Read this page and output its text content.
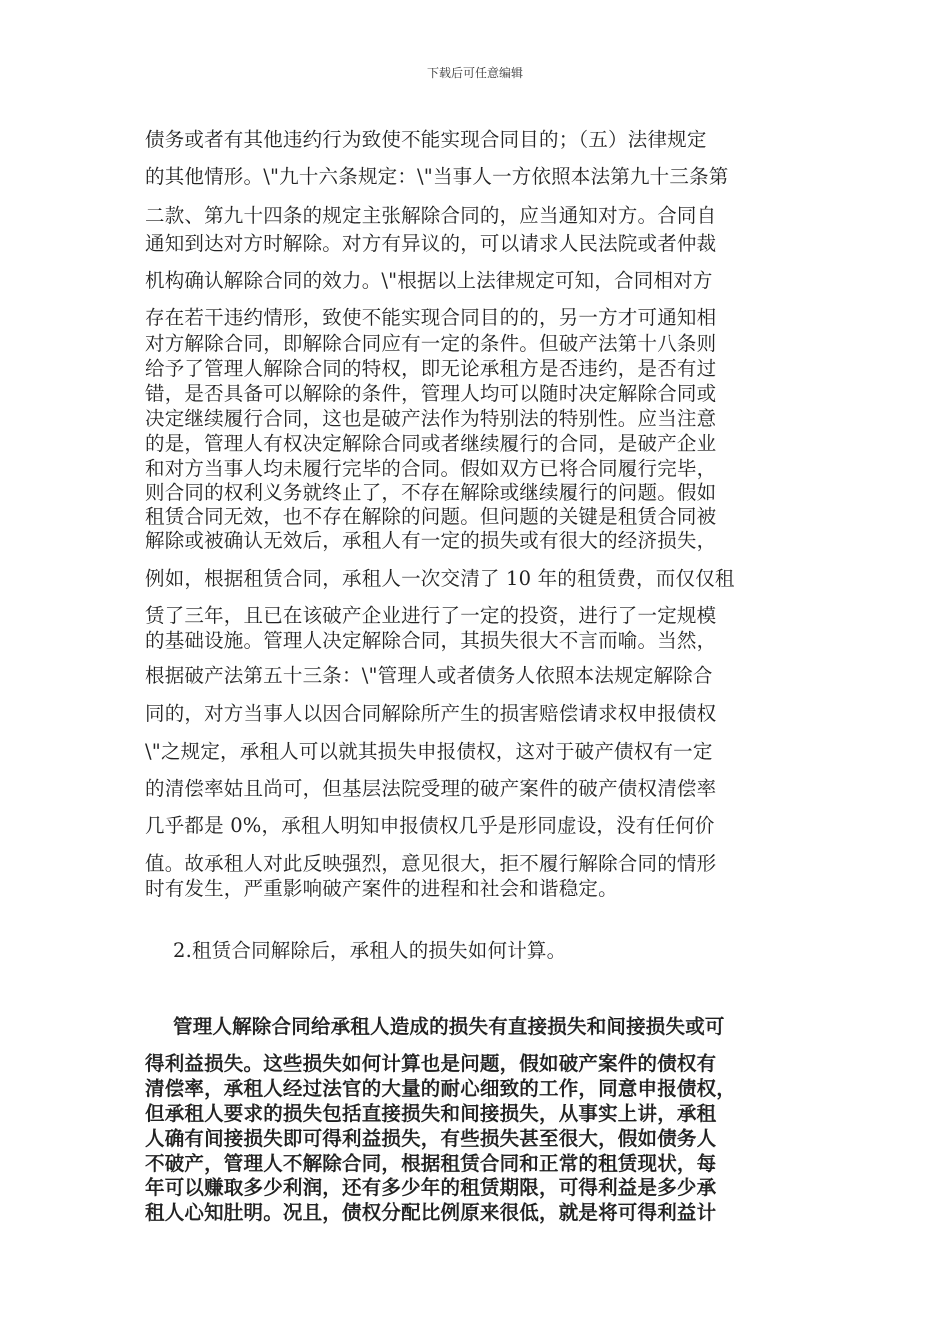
下载后可任意编辑
债务或者有其他违约行为致使不能实现合同目的；（五）法律规定
的其他情形。\"九十六条规定：\"当事人一方依照本法第九十三条第
二款、第九十四条的规定主张解除合同的，应当通知对方。合同自
通知到达对方时解除。对方有异议的，可以请求人民法院或者仲裁
机构确认解除合同的效力。\"根据以上法律规定可知，合同相对方
存在若干违约情形，致使不能实现合同目的的，另一方才可通知相
对方解除合同，即解除合同应有一定的条件。但破产法第十八条则
给予了管理人解除合同的特权，即无论承租方是否违约，是否有过
错，是否具备可以解除的条件，管理人均可以随时决定解除合同或
决定继续履行合同，这也是破产法作为特别法的特别性。应当注意
的是，管理人有权决定解除合同或者继续履行的合同，是破产企业
和对方当事人均未履行完毕的合同。假如双方已将合同履行完毕，
则合同的权利义务就终止了，不存在解除或继续履行的问题。假如
租赁合同无效，也不存在解除的问题。但问题的关键是租赁合同被
解除或被确认无效后，承租人有一定的损失或有很大的经济损失，
例如，根据租赁合同，承租人一次交清了 10 年的租赁费，而仅仅租
赁了三年，且已在该破产企业进行了一定的投资，进行了一定规模
的基础设施。管理人决定解除合同，其损失很大不言而喻。当然，
根据破产法第五十三条：\"管理人或者债务人依照本法规定解除合
同的，对方当事人以因合同解除所产生的损害赔偿请求权申报债权
\"之规定，承租人可以就其损失申报债权，这对于破产债权有一定
的清偿率姑且尚可，但基层法院受理的破产案件的破产债权清偿率
几乎都是 0%，承租人明知申报债权几乎是形同虚设，没有任何价
值。故承租人对此反映强烈，意见很大，拒不履行解除合同的情形
时有发生，严重影响破产案件的进程和社会和谐稳定。
2.租赁合同解除后，承租人的损失如何计算。
管理人解除合同给承租人造成的损失有直接损失和间接损失或可
得利益损失。这些损失如何计算也是问题，假如破产案件的债权有
清偿率，承租人经过法官的大量的耐心细致的工作，同意申报债权，
但承租人要求的损失包括直接损失和间接损失，从事实上讲，承租
人确有间接损失即可得利益损失，有些损失甚至很大，假如债务人
不破产，管理人不解除合同，根据租赁合同和正常的租赁现状，每
年可以赚取多少利润，还有多少年的租赁期限，可得利益是多少承
租人心知肚明。况且，债权分配比例原来很低，就是将可得利益计
